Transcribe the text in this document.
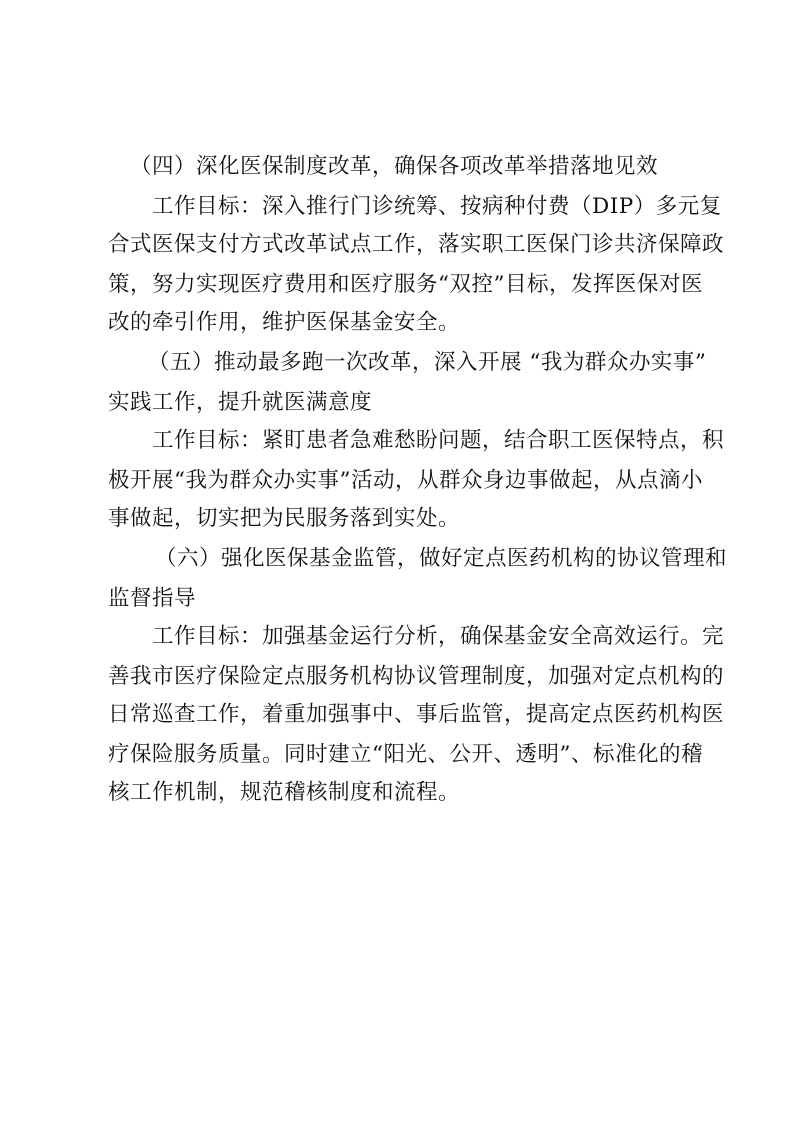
（四）深化医保制度改革，确保各项改革举措落地见效
工作目标：深入推行门诊统筹、按病种付费（DIP）多元复
合式医保支付方式改革试点工作，落实职工医保门诊共济保障政
策，努力实现医疗费用和医疗服务“双控”目标，发挥医保对医
改的牵引作用，维护医保基金安全。
（五）推动最多跑一次改革，深入开展 “我为群众办实事”
实践工作，提升就医满意度
工作目标：紧盯患者急难愁盼问题，结合职工医保特点，积
极开展“我为群众办实事”活动，从群众身边事做起，从点滴小
事做起，切实把为民服务落到实处。
（六）强化医保基金监管，做好定点医药机构的协议管理和
监督指导
工作目标：加强基金运行分析，确保基金安全高效运行。完
善我市医疗保险定点服务机构协议管理制度，加强对定点机构的
日常巡查工作，着重加强事中、事后监管，提高定点医药机构医
疗保险服务质量。同时建立“阳光、公开、透明”、标准化的稽
核工作机制，规范稽核制度和流程。
